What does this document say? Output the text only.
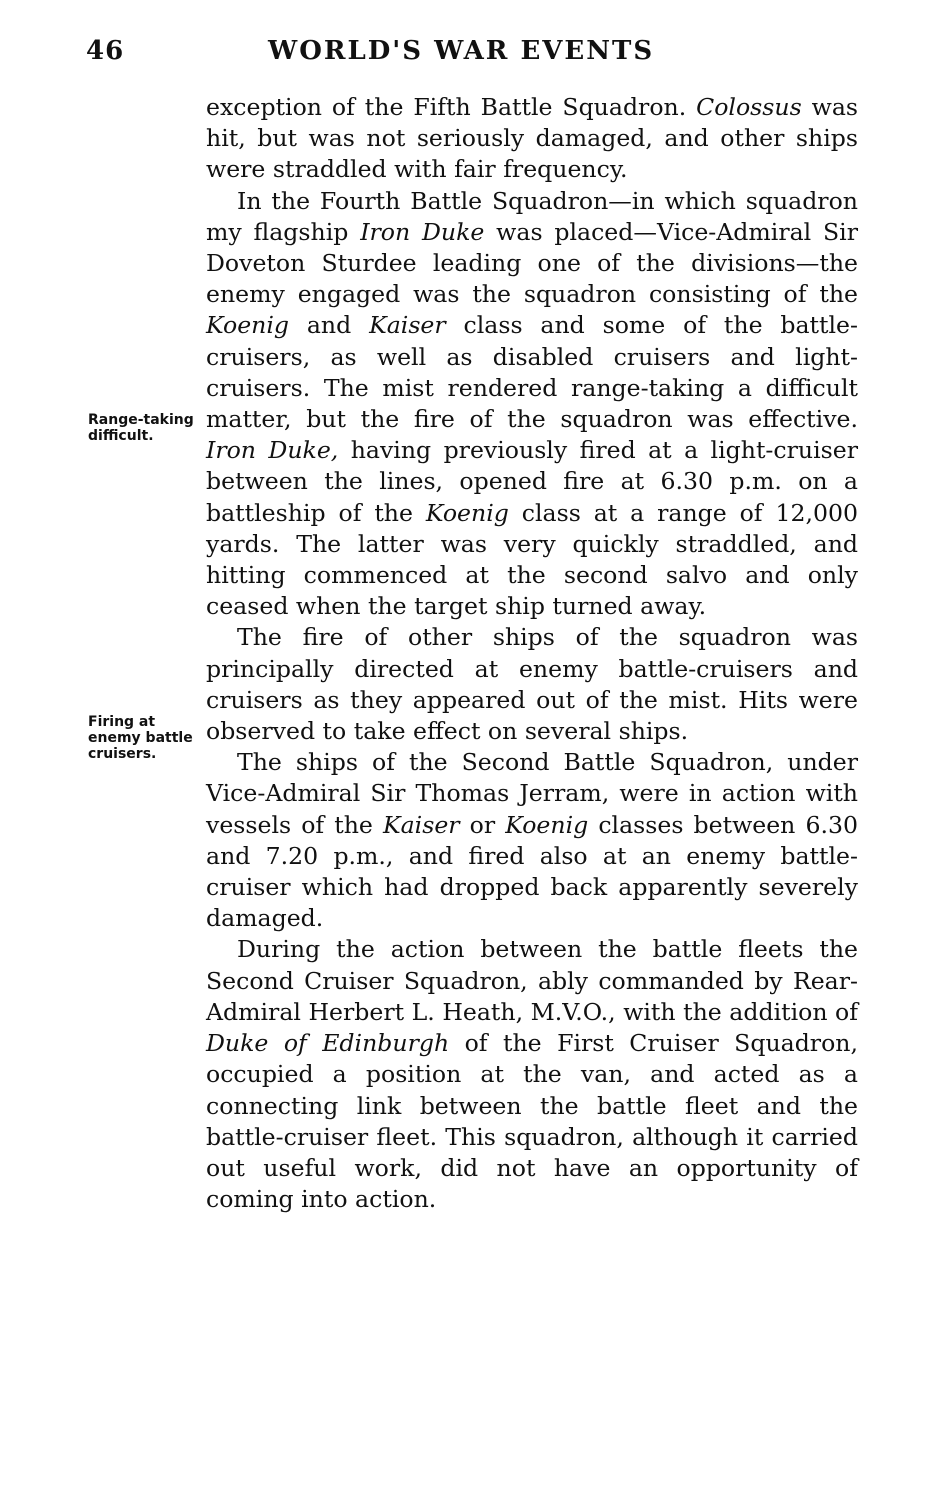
46	WORLD'S WAR EVENTS
Range-taking difficult.
Firing at enemy battle cruisers.

exception of the Fifth Battle Squadron. Colossus was hit, but was not seriously damaged, and other ships were straddled with fair frequency.

In the Fourth Battle Squadron—in which squadron my flagship Iron Duke was placed—Vice-Admiral Sir Doveton Sturdee leading one of the divisions—the enemy engaged was the squadron consisting of the Koenig and Kaiser class and some of the battle-cruisers, as well as disabled cruisers and light-cruisers. The mist rendered range-taking a difficult matter, but the fire of the squadron was effective. Iron Duke, having previously fired at a light-cruiser between the lines, opened fire at 6.30 p.m. on a battleship of the Koenig class at a range of 12,000 yards. The latter was very quickly straddled, and hitting commenced at the second salvo and only ceased when the target ship turned away.

The fire of other ships of the squadron was principally directed at enemy battle-cruisers and cruisers as they appeared out of the mist. Hits were observed to take effect on several ships.

The ships of the Second Battle Squadron, under Vice-Admiral Sir Thomas Jerram, were in action with vessels of the Kaiser or Koenig classes between 6.30 and 7.20 p.m., and fired also at an enemy battle-cruiser which had dropped back apparently severely damaged.

During the action between the battle fleets the Second Cruiser Squadron, ably commanded by Rear-Admiral Herbert L. Heath, M.V.O., with the addition of Duke of Edinburgh of the First Cruiser Squadron, occupied a position at the van, and acted as a connecting link between the battle fleet and the battle-cruiser fleet. This squadron, although it carried out useful work, did not have an opportunity of coming into action.
